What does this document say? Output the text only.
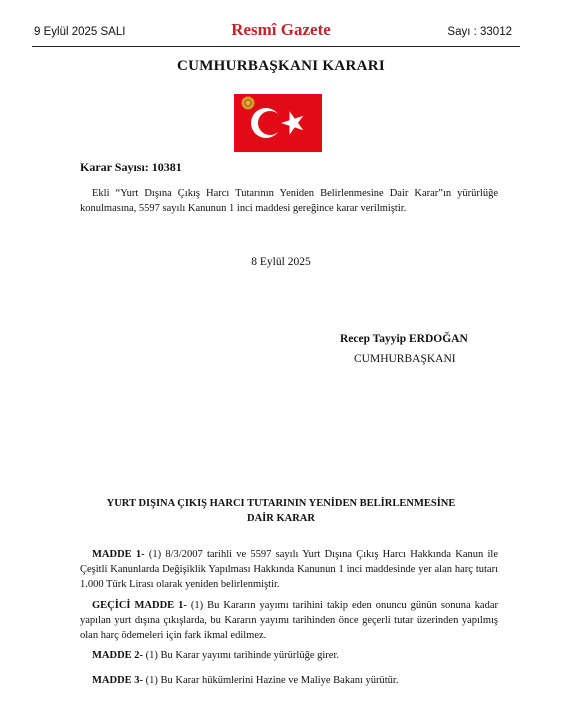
9 Eylül 2025 SALI	Resmî Gazete	Sayı : 33012
CUMHURBAŞKANI KARARI
Karar Sayısı: 10381
Ekli “Yurt Dışına Çıkış Harcı Tutarının Yeniden Belirlenmesine Dair Karar”ın yürürlüğe konulmasına, 5597 sayılı Kanunun 1 inci maddesi gereğince karar verilmiştir.
8 Eylül 2025
Recep Tayyip ERDOĞAN
CUMHURBAŞKANI
YURT DIŞINA ÇIKIŞ HARCI TUTARININ YENİDEN BELİRLENMESİNE
DAİR KARAR
MADDE 1- (1) 8/3/2007 tarihli ve 5597 sayılı Yurt Dışına Çıkış Harcı Hakkında Kanun ile Çeşitli Kanunlarda Değişiklik Yapılması Hakkında Kanunun 1 inci maddesinde yer alan harç tutarı 1.000 Türk Lirası olarak yeniden belirlenmiştir.
GEÇİCİ MADDE 1- (1) Bu Kararın yayımı tarihini takip eden onuncu günün sonuna kadar yapılan yurt dışına çıkışlarda, bu Kararın yayımı tarihinden önce geçerli tutar üzerinden yapılmış olan harç ödemeleri için fark ikmal edilmez.
MADDE 2- (1) Bu Karar yayımı tarihinde yürürlüğe girer.
MADDE 3- (1) Bu Karar hükümlerini Hazine ve Maliye Bakanı yürütür.
